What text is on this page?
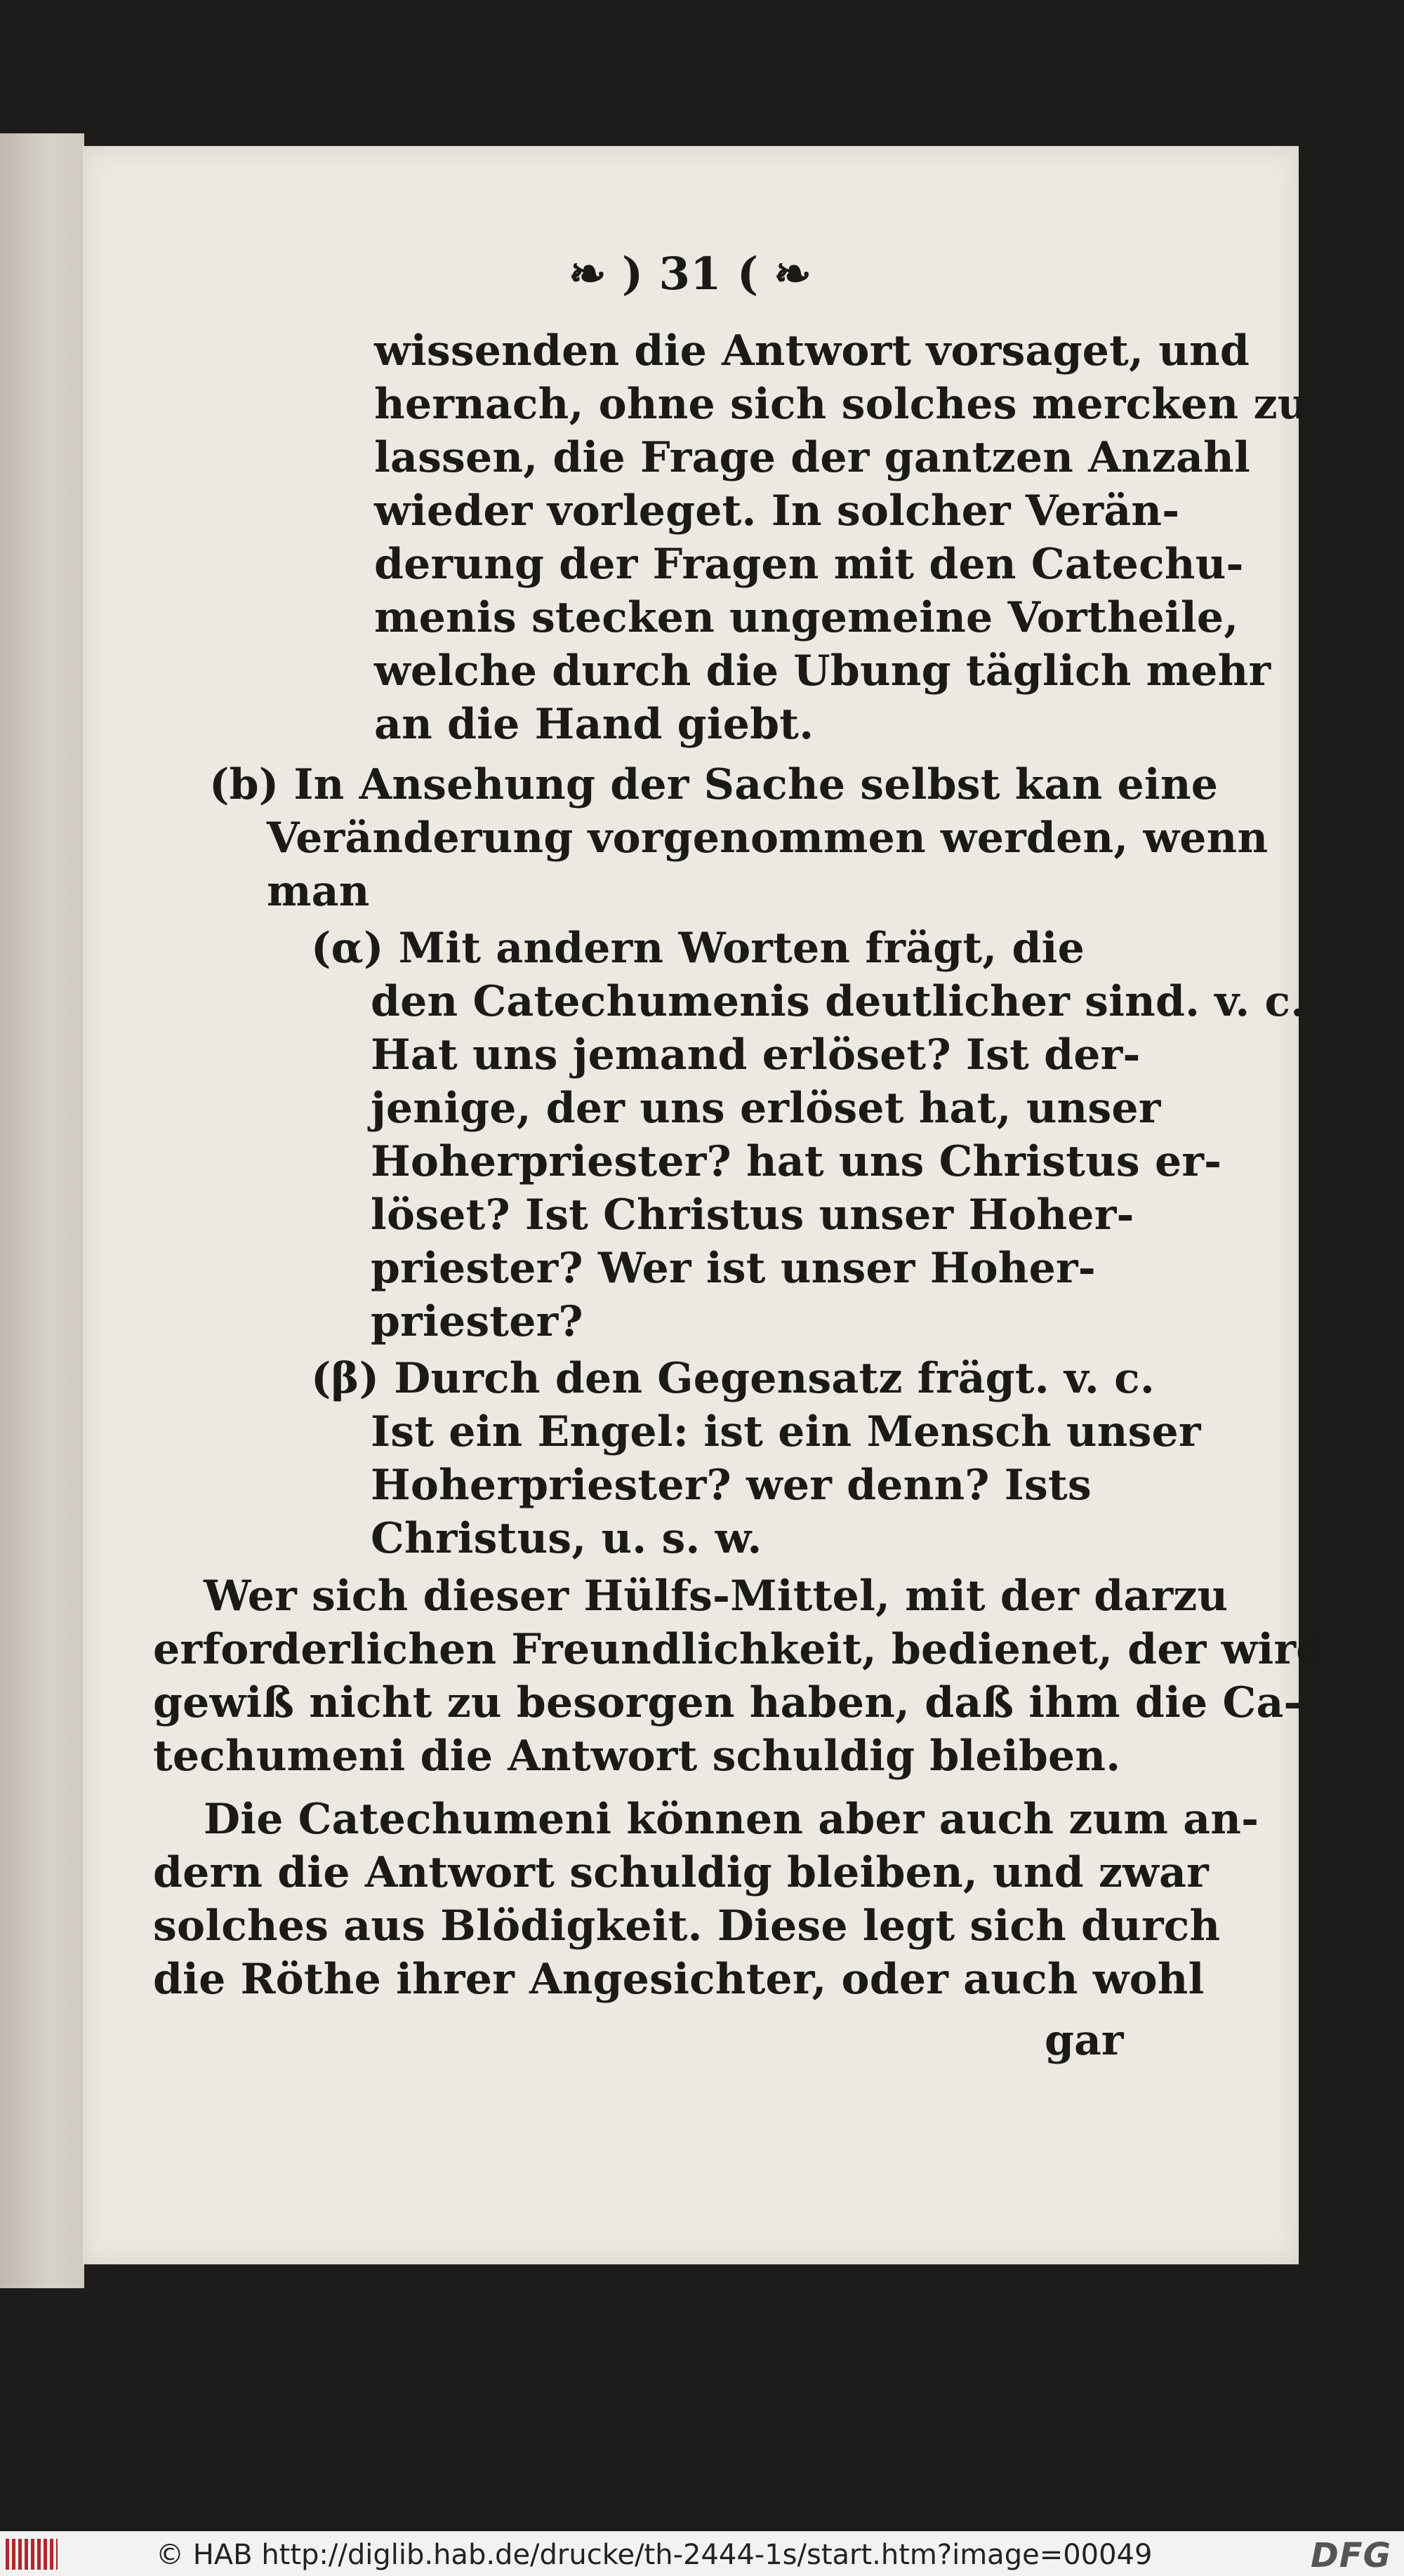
❧ ) 31 ( ❧
wissenden die Antwort vorsaget, und
hernach, ohne sich solches mercken zu
lassen, die Frage der gantzen Anzahl
wieder vorleget. In solcher Verän-
derung der Fragen mit den Catechu-
menis stecken ungemeine Vortheile,
welche durch die Ubung täglich mehr
an die Hand giebt.
(b) In Ansehung der Sache selbst kan eine
Veränderung vorgenommen werden, wenn
man
(α) Mit andern Worten frägt, die
den Catechumenis deutlicher sind. v. c.
Hat uns jemand erlöset? Ist der-
jenige, der uns erlöset hat, unser
Hoherpriester? hat uns Christus er-
löset? Ist Christus unser Hoher-
priester? Wer ist unser Hoher-
priester?
(β) Durch den Gegensatz frägt. v. c.
Ist ein Engel: ist ein Mensch unser
Hoherpriester? wer denn? Ists
Christus, u. s. w.
Wer sich dieser Hülfs-Mittel, mit der darzu
erforderlichen Freundlichkeit, bedienet, der wird
gewiß nicht zu besorgen haben, daß ihm die Ca-
techumeni die Antwort schuldig bleiben.
Die Catechumeni können aber auch zum an-
dern die Antwort schuldig bleiben, und zwar
solches aus Blödigkeit. Diese legt sich durch
die Röthe ihrer Angesichter, oder auch wohl
gar
© HAB http://diglib.hab.de/drucke/th-2444-1s/start.htm?image=00049	DFG
